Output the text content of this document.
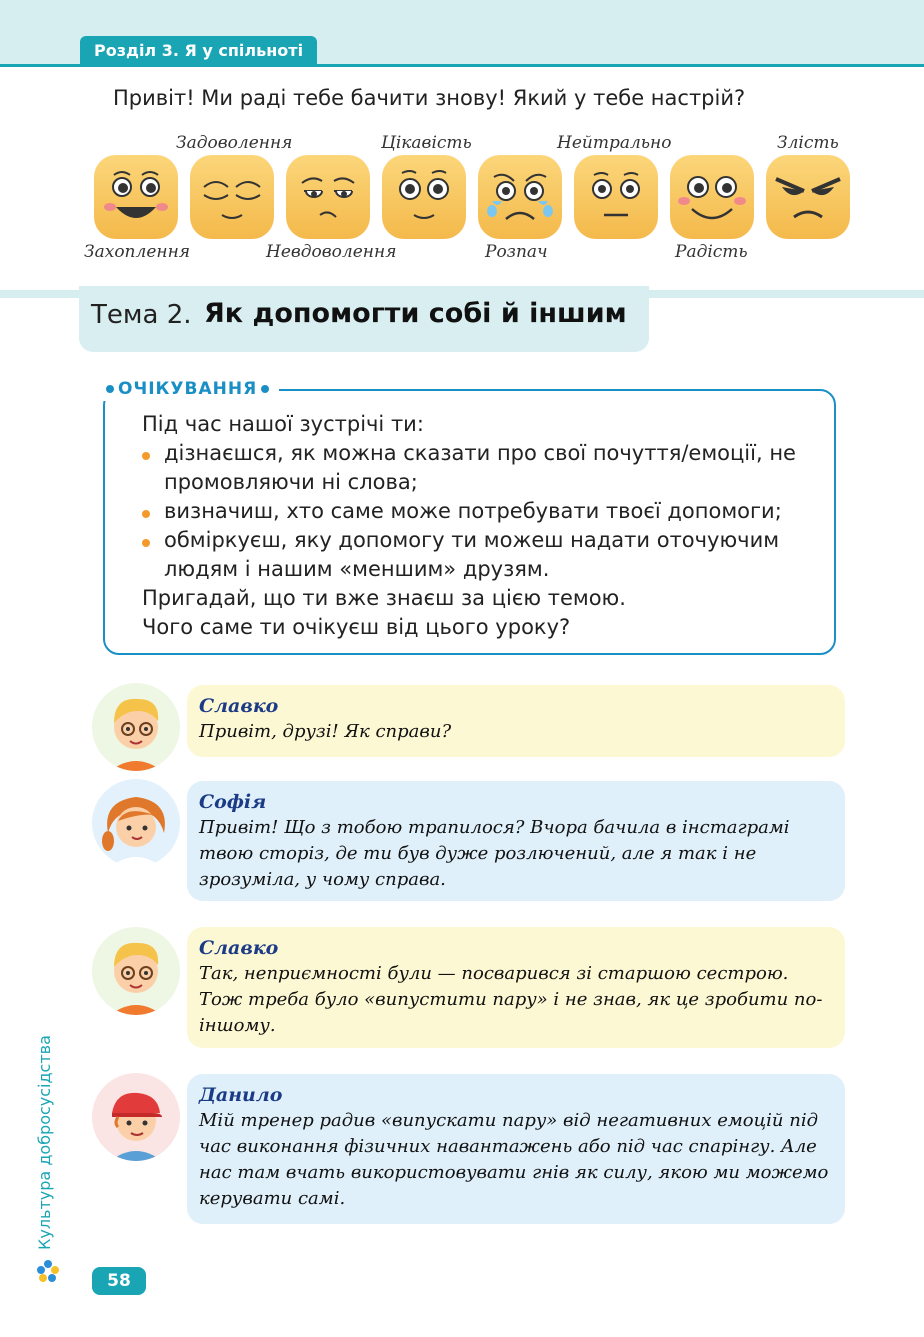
Розділ 3. Я у спільноті
Привіт! Ми раді тебе бачити знову! Який у тебе настрій?
Задоволення	Цікавість	Нейтрально	Злість
Захоплення	Невдоволення	Розпач	Радість
Тема 2. Як допомогти собі й іншим
ОЧІКУВАННЯ
Під час нашої зустрічі ти:
дізнаєшся, як можна сказати про свої почуття/емоції, не промовляючи ні слова;
визначиш, хто саме може потребувати твоєї допомоги;
обміркуєш, яку допомогу ти можеш надати оточуючим людям і нашим «меншим» друзям.
Пригадай, що ти вже знаєш за цією темою.
Чого саме ти очікуєш від цього уроку?
Славко
Привіт, друзі! Як справи?
Софія
Привіт! Що з тобою трапилося? Вчора бачила в інстаграмі твою сторіз, де ти був дуже розлючений, але я так і не зрозуміла, у чому справа.
Славко
Так, неприємності були — посварився зі старшою сестрою. Тож треба було «випустити пару» і не знав, як це зробити по-іншому.
Данило
Мій тренер радив «випускати пару» від негативних емоцій під час виконання фізичних навантажень або під час спарінгу. Але нас там вчать використовувати гнів як силу, якою ми можемо керувати самі.
Культура добросусідства
58
